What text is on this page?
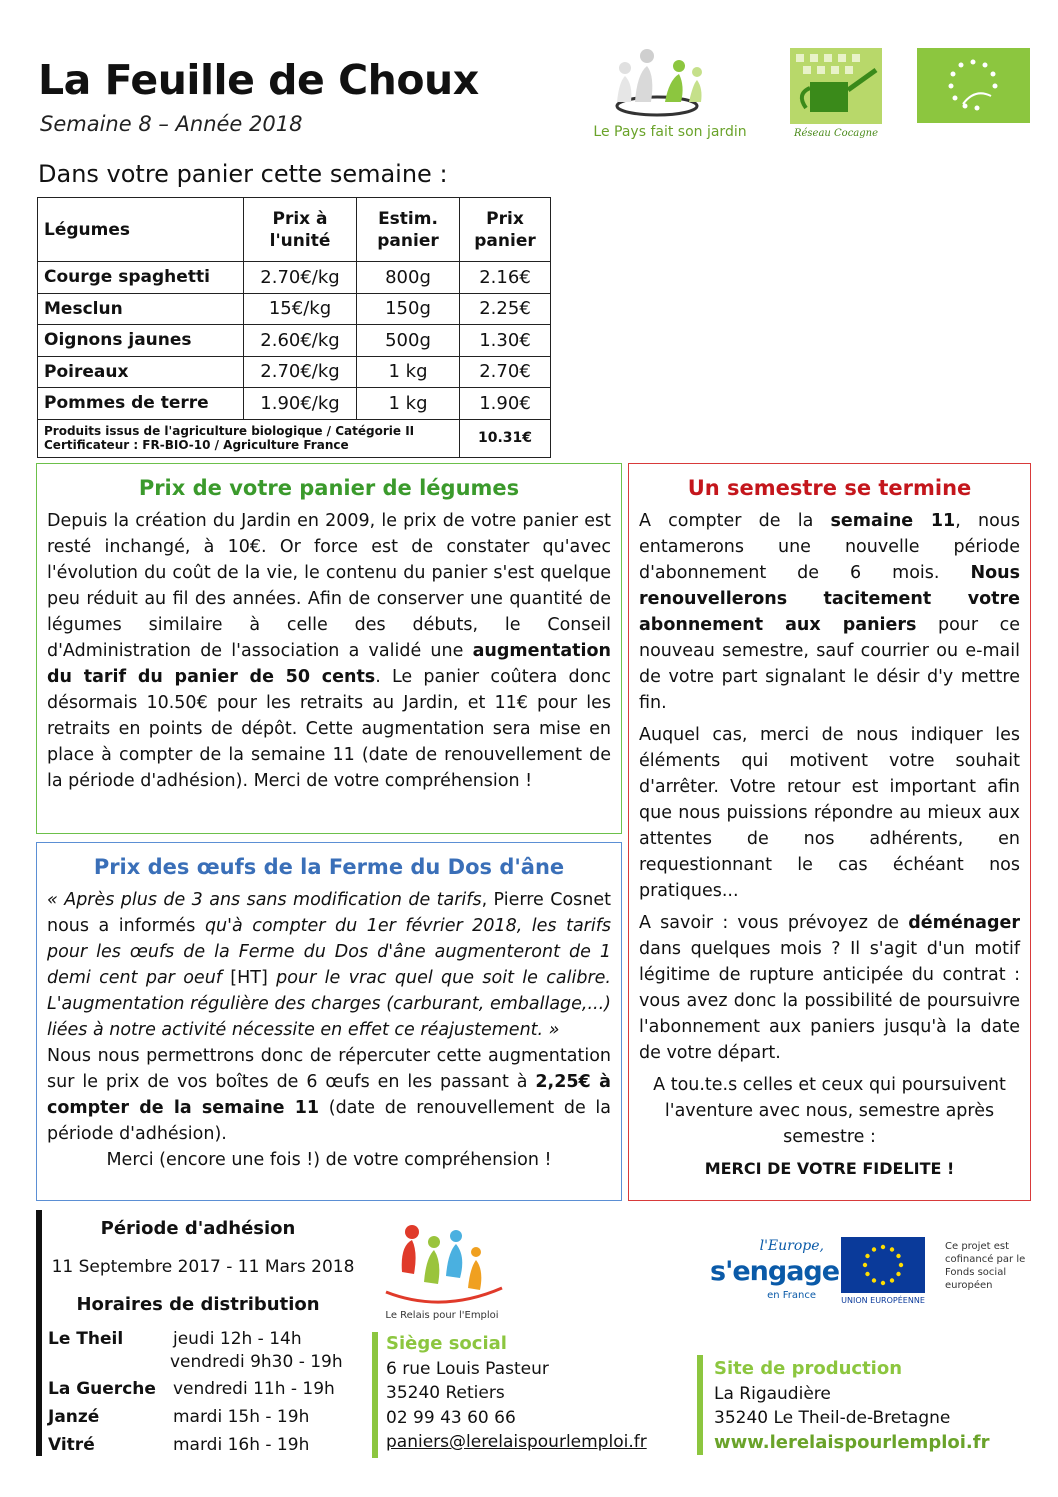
La Feuille de Choux
Semaine 8 – Année 2018
Dans votre panier cette semaine :
Le Pays fait son jardin	Réseau Cocagne
Légumes	Prix à l'unité	Estim. panier	Prix panier
Courge spaghetti	2.70€/kg	800g	2.16€
Mesclun	15€/kg	150g	2.25€
Oignons jaunes	2.60€/kg	500g	1.30€
Poireaux	2.70€/kg	1 kg	2.70€
Pommes de terre	1.90€/kg	1 kg	1.90€

Produits issus de l'agriculture biologique / Catégorie II
Certificateur : FR-BIO-10 / Agriculture France			10.31€
Prix de votre panier de légumes

Depuis la création du Jardin en 2009, le prix de votre panier est resté inchangé, à 10€. Or force est de constater qu'avec l'évolution du coût de la vie, le contenu du panier s'est quelque peu réduit au fil des années. Afin de conserver une quantité de légumes similaire à celle des débuts, le Conseil d'Administration de l'association a validé une augmentation du tarif du panier de 50 cents. Le panier coûtera donc désormais 10.50€ pour les retraits au Jardin, et 11€ pour les retraits en points de dépôt. Cette augmentation sera mise en place à compter de la semaine 11 (date de renouvellement de la période d'adhésion). Merci de votre compréhension !

Prix des œufs de la Ferme du Dos d'âne

« Après plus de 3 ans sans modification de tarifs, Pierre Cosnet nous a informés qu'à compter du 1er février 2018, les tarifs pour les œufs de la Ferme du Dos d'âne augmenteront de 1 demi cent par oeuf [HT] pour le vrac quel que soit le calibre. L'augmentation régulière des charges (carburant, emballage,...) liées à notre activité nécessite en effet ce réajustement. »
Nous nous permettrons donc de répercuter cette augmentation sur le prix de vos boîtes de 6 œufs en les passant à 2,25€ à compter de la semaine 11 (date de renouvellement de la période d'adhésion).

Merci (encore une fois !) de votre compréhension !

Un semestre se termine

A compter de la semaine 11, nous entamerons une nouvelle période d'abonnement de 6 mois. Nous renouvellerons tacitement votre abonnement aux paniers pour ce nouveau semestre, sauf courrier ou e-mail de votre part signalant le désir d'y mettre fin.

Auquel cas, merci de nous indiquer les éléments qui motivent votre souhait d'arrêter. Votre retour est important afin que nous puissions répondre au mieux aux attentes de nos adhérents, en requestionnant le cas échéant nos pratiques...

A savoir : vous prévoyez de déménager dans quelques mois ? Il s'agit d'un motif légitime de rupture anticipée du contrat : vous avez donc la possibilité de poursuivre l'abonnement aux paniers jusqu'à la date de votre départ.

A tou.te.s celles et ceux qui poursuivent l'aventure avec nous, semestre après semestre :

MERCI DE VOTRE FIDELITE !

Période d'adhésion
11 Septembre 2017 - 11 Mars 2018
Horaires de distribution
Le Theil	jeudi 12h - 14h
vendredi 9h30 - 19h
La Guerche vendredi 11h - 19h
Janzé	mardi 15h - 19h
Vitré	mardi 16h - 19h
Le Relais pour l'Emploi
Siège social
6 rue Louis Pasteur
35240 Retiers
02 99 43 60 66
paniers@lerelaispourlemploi.fr
l'Europe,
s'engage
en France	UNION EUROPÉENNE
Ce projet est cofinancé par le Fonds social européen
Site de production
La Rigaudière
35240 Le Theil-de-Bretagne
www.lerelaispourlemploi.fr
